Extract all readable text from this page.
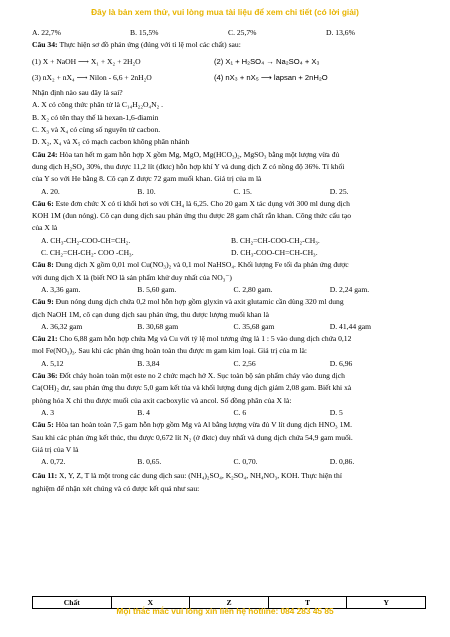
Đây là bản xem thử, vui lòng mua tài liệu để xem chi tiết (có lời giải)
A. 22,7%	B. 15,5%	C. 25,7%	D. 13,6%
Câu 34:
Thực hiện sơ đồ phản ứng (đúng với tỉ lệ mol các chất) sau:
(1) X + NaOH ⟶ X₁ + X₂ + 2H₂O	(2) X₁ + H₂SO₄ → Na₂SO₄ + X₃
(3) nX₂ + nX₄ ⟶ Nilon - 6,6 + 2nH₂O	(4) nX₃ + nX₅ ⟶ lapsan + 2nH₂O
Nhận định nào sau đây là sai?
A. X có công thức phân tử là C₁₄H₂₂O₄N₂ .
B. X₂ có tên thay thế là hexan-1,6-điamin
C. X₃ và X₄ có cùng số nguyên tử cacbon.
D. X₂, X₄ và X₅ có mạch cacbon không phân nhánh
Câu 24:
Hòa tan hết m gam hỗn hợp X gồm Mg, MgO, Mg(HCO₃)₂, MgSO₃ bằng một lượng vừa đủ
dung dịch H₂SO₄ 30%, thu được 11,2 lít (đktc) hỗn hợp khí Y và dung dịch Z có nồng độ 36%. Tỉ khối
của Y so với He bằng 8. Cô cạn Z được 72 gam muối khan. Giá trị của m là
A. 20.	B. 10.	C. 15.	D. 25.
Câu 6:
Este đơn chức X có tỉ khối hơi so với CH₄ là 6,25. Cho 20 gam X tác dụng với 300 ml dung dịch
KOH 1M (đun nóng). Cô cạn dung dịch sau phản ứng thu được 28 gam chất rắn khan. Công thức cấu tạo
của X là
A. CH₃-CH₂-COO-CH=CH₂.	B. CH₂=CH-COO-CH₂-CH₃.
C. CH₂=CH-CH₂- COO -CH₃.	D. CH₃-COO-CH=CH-CH₃.
Câu 8:
Dung dịch X gồm 0,01 mol Cu(NO₃)₂ và 0,1 mol NaHSO₄. Khối lượng Fe tối đa phản ứng được
với dung dịch X là (biết NO là sản phẩm khử duy nhất của NO₃⁻)
A. 3,36 gam.	B. 5,60 gam.	C. 2,80 gam.	D. 2,24 gam.
Câu 9:
Đun nóng dung dịch chứa 0,2 mol hỗn hợp gồm glyxin và axit glutamic cần dùng 320 ml dung
dịch NaOH 1M, cô cạn dung dịch sau phản ứng, thu được lượng muối khan là
A. 36,32 gam	B. 30,68 gam	C. 35,68 gam	D. 41,44 gam
Câu 21:
Cho 6,88 gam hỗn hợp chứa Mg và Cu với tỷ lệ mol tương ứng là 1 : 5 vào dung dịch chứa 0,12
mol Fe(NO₃)₃. Sau khi các phản ứng hoàn toàn thu được m gam kim loại. Giá trị của m là:
A. 5,12	B. 3,84	C. 2,56	D. 6,96
Câu 36:
Đốt cháy hoàn toàn một este no 2 chức mạch hở X. Sục toàn bộ sản phẩm cháy vào dung dịch
Ca(OH)₂ dư, sau phản ứng thu được 5,0 gam kết tủa và khối lượng dung dịch giảm 2,08 gam. Biết khi xà
phòng hóa X chỉ thu được muối của axit cacboxylic và ancol. Số đồng phân của X là:
A. 3	B. 4	C. 6	D. 5
Câu 5:
Hòa tan hoàn toàn 7,5 gam hỗn hợp gồm Mg và Al bằng lượng vừa đủ V lít dung dịch HNO₃ 1M.
Sau khi các phản ứng kết thúc, thu được 0,672 lít N₂ (ở đktc) duy nhất và dung dịch chứa 54,9 gam muối.
Giá trị của V là
A. 0,72.	B. 0,65.	C. 0,70.	D. 0,86.
Câu 11:
X, Y, Z, T là một trong các dung dịch sau: (NH₄)₂SO₄, K₂SO₄, NH₄NO₃, KOH. Thực hiện thí
nghiệm để nhận xét chúng và có được kết quả như sau:
Chất	X	Z	T	Y
Mọi thắc mắc vui lòng xin liên hệ hotline: 084 283 45 85
